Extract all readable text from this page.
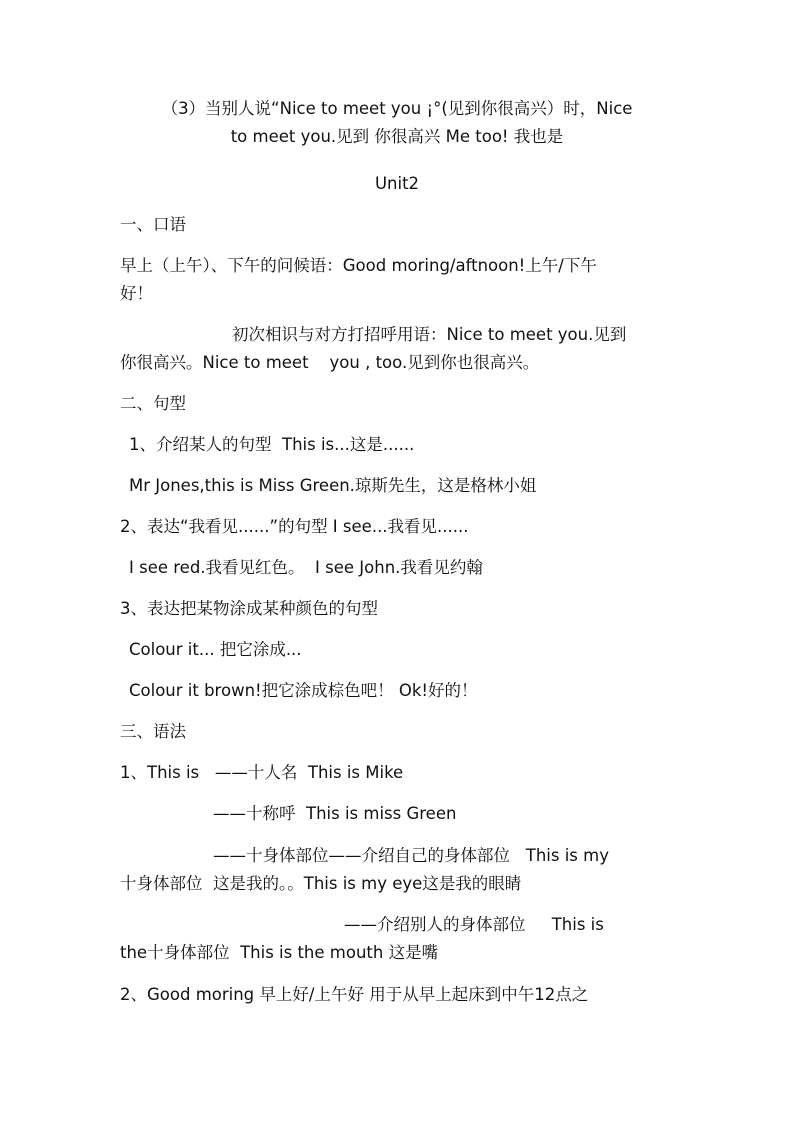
（3）当别人说“Nice to meet you ¡°(见到你很高兴）时，Nice

to meet you.见到 你很高兴 Me too! 我也是

Unit2

一、口语

早上（上午）、下午的问候语：Good moring/aftnoon!上午/下午

好！

初次相识与对方打招呼用语：Nice to meet you.见到

你很高兴。Nice to meet    you , too.见到你也很高兴。

二、句型

1、介绍某人的句型  This is...这是......

Mr Jones,this is Miss Green.琼斯先生，这是格林小姐

2、表达“我看见......”的句型 I see...我看见......

I see red.我看见红色。  I see John.我看见约翰

3、表达把某物涂成某种颜色的句型

Colour it... 把它涂成...

Colour it brown!把它涂成棕色吧！ Ok!好的！

三、语法

1、This is   ——十人名  This is Mike

——十称呼  This is miss Green

——十身体部位——介绍自己的身体部位   This is my

十身体部位  这是我的。。This is my eye这是我的眼睛

——介绍别人的身体部位     This is

the十身体部位  This is the mouth 这是嘴

2、Good moring 早上好/上午好 用于从早上起床到中午12点之
